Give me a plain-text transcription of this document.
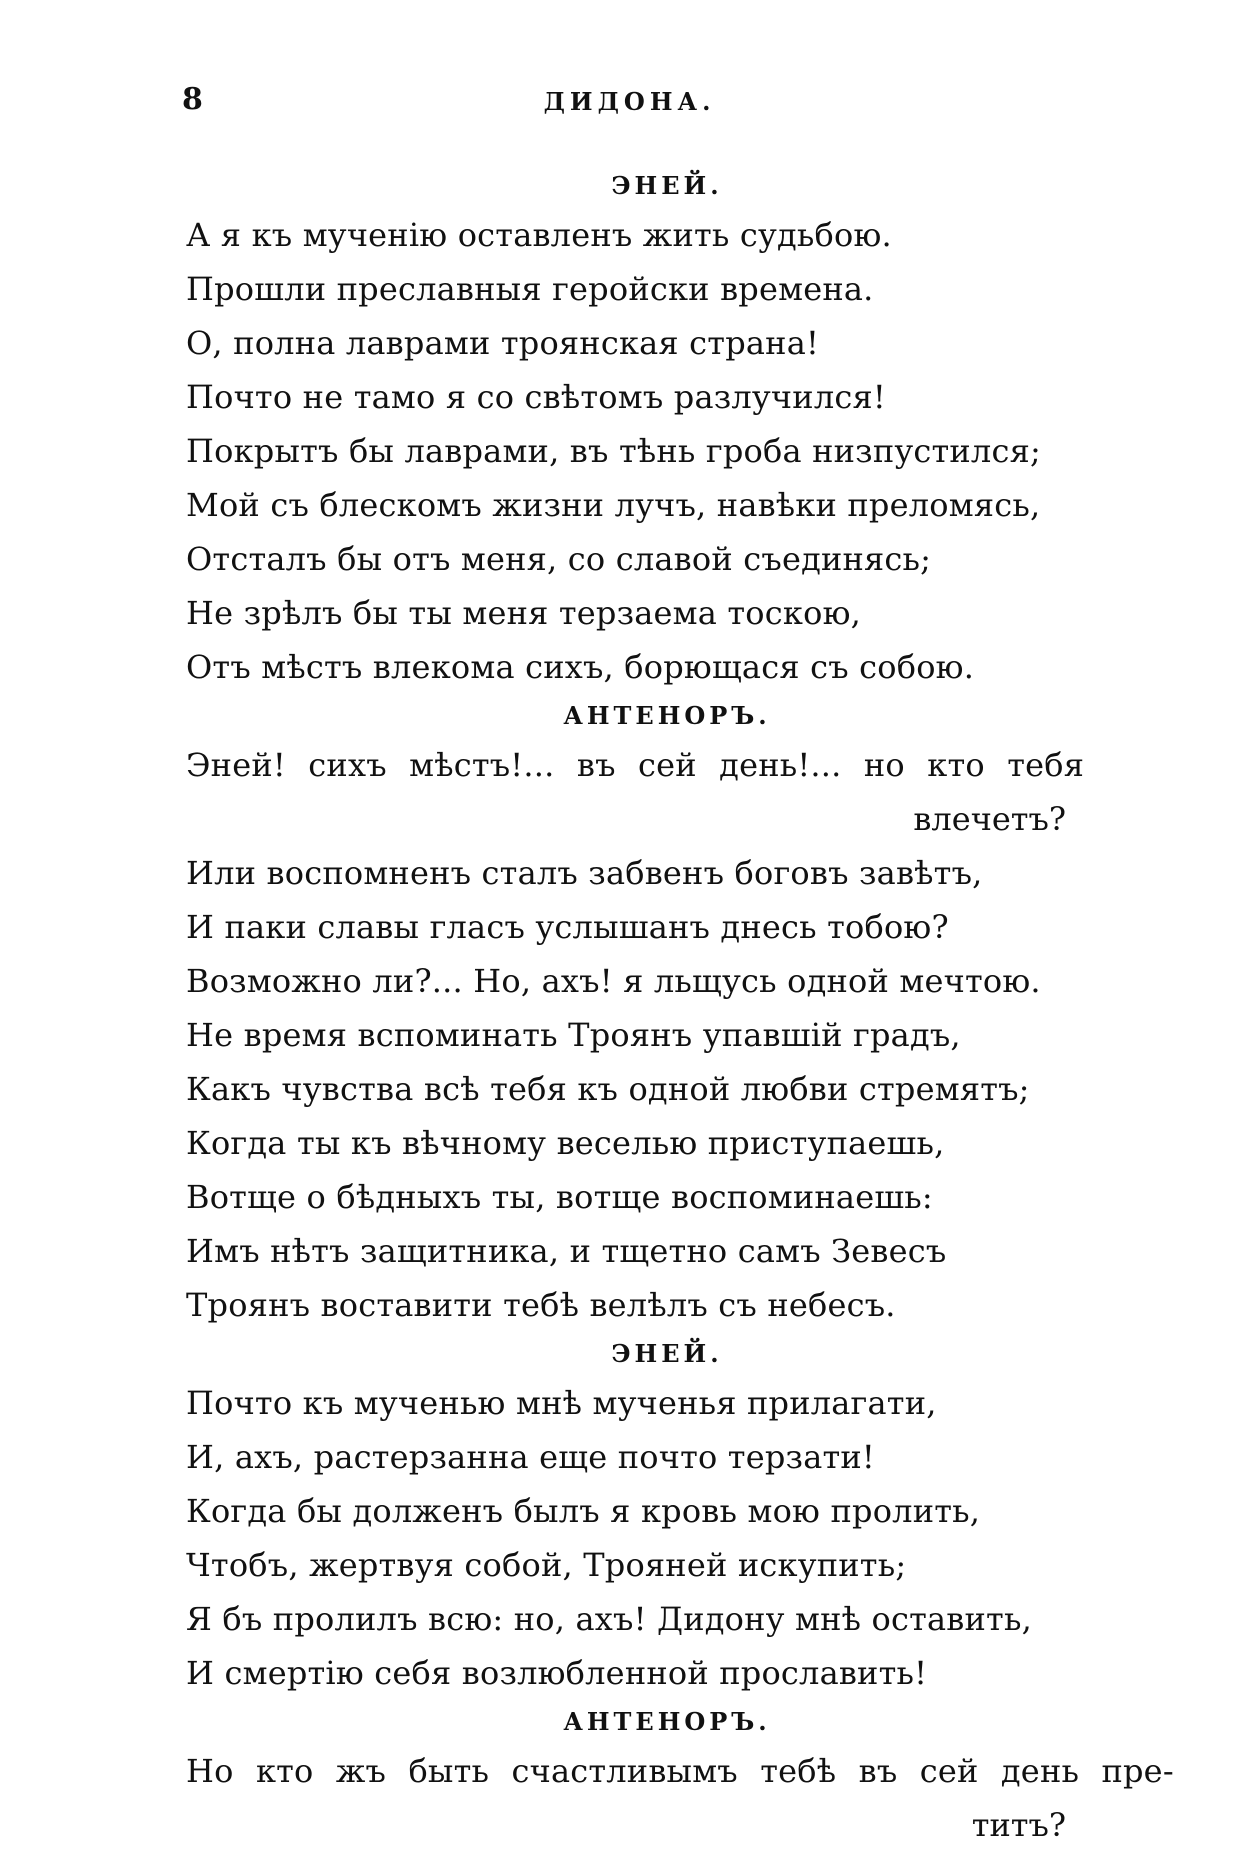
8	ДИДОНА.
ЭНЕЙ.
А я къ мученію оставленъ жить судьбою.
Прошли преславныя геройски времена.
О, полна лаврами троянская страна!
Почто не тамо я со свѣтомъ разлучился!
Покрытъ бы лаврами, въ тѣнь гроба низпустился;
Мой съ блескомъ жизни лучъ, навѣки преломясь,
Отсталъ бы отъ меня, со славой съединясь;
Не зрѣлъ бы ты меня терзаема тоскою,
Отъ мѣстъ влекома сихъ, борющася съ собою.
АНТЕНОРЪ.
Эней! сихъ мѣстъ!... въ сей день!... но кто тебя
влечетъ?
Или воспомненъ сталъ забвенъ боговъ завѣтъ,
И паки славы гласъ услышанъ днесь тобою?
Возможно ли?... Но, ахъ! я льщусь одной мечтою.
Не время вспоминать Троянъ упавшій градъ,
Какъ чувства всѣ тебя къ одной любви стремятъ;
Когда ты къ вѣчному веселью приступаешь,
Вотще о бѣдныхъ ты, вотще воспоминаешь:
Имъ нѣтъ защитника, и тщетно самъ Зевесъ
Троянъ воставити тебѣ велѣлъ съ небесъ.
ЭНЕЙ.
Почто къ мученью мнѣ мученья прилагати,
И, ахъ, растерзанна еще почто терзати!
Когда бы долженъ былъ я кровь мою пролить,
Чтобъ, жертвуя собой, Трояней искупить;
Я бъ пролилъ всю: но, ахъ! Дидону мнѣ оставить,
И смертію себя возлюбленной прославить!
АНТЕНОРЪ.
Но кто жъ быть счастливымъ тебѣ въ сей день пре-
титъ?
